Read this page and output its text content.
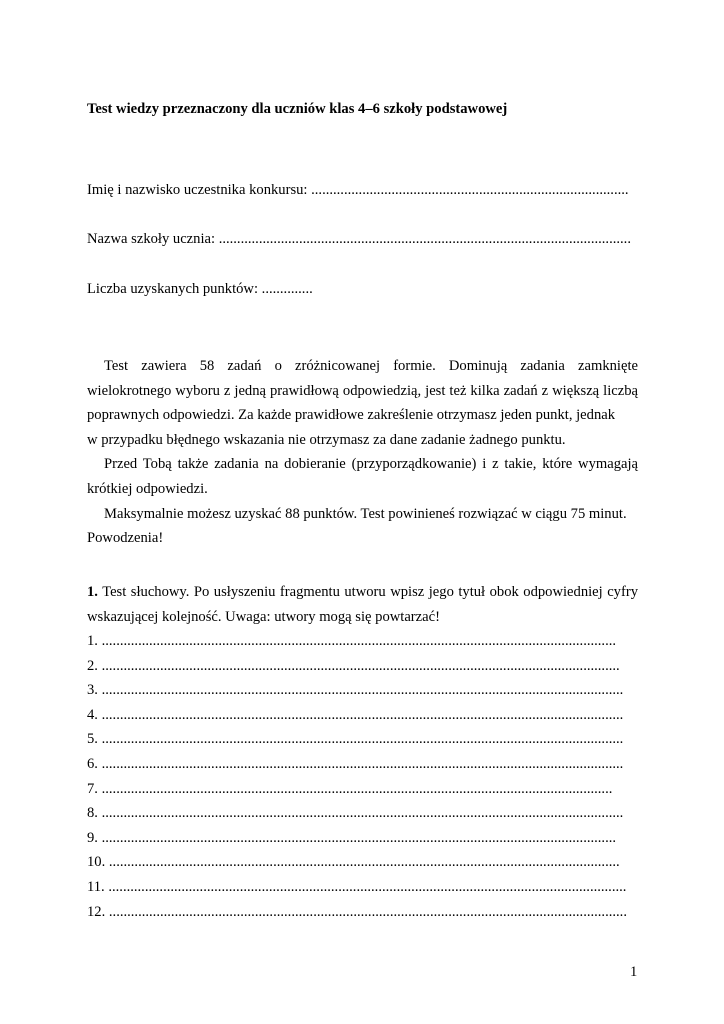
Test wiedzy przeznaczony dla uczniów klas 4–6 szkoły podstawowej
Imię i nazwisko uczestnika konkursu: .......................................................................................
Nazwa szkoły ucznia: .................................................................................................................
Liczba uzyskanych punktów: ..............

Test zawiera 58 zadań o zróżnicowanej formie. Dominują zadania zamknięte wielokrotnego wyboru z jedną prawidłową odpowiedzią, jest też kilka zadań z większą liczbą poprawnych odpowiedzi. Za każde prawidłowe zakreślenie otrzymasz jeden punkt, jednak

w przypadku błędnego wskazania nie otrzymasz za dane zadanie żadnego punktu.

Przed Tobą także zadania na dobieranie (przyporządkowanie) i z takie, które wymagają krótkiej odpowiedzi.

Maksymalnie możesz uzyskać 88 punktów. Test powinieneś rozwiązać w ciągu 75 minut.

Powodzenia!

1. Test słuchowy. Po usłyszeniu fragmentu utworu wpisz jego tytuł obok odpowiedniej cyfry wskazującej kolejność. Uwaga: utwory mogą się powtarzać!
1. .............................................................................................................................................
2. ..............................................................................................................................................
3. ...............................................................................................................................................
4. ...............................................................................................................................................
5. ...............................................................................................................................................
6. ...............................................................................................................................................
7. ............................................................................................................................................
8. ...............................................................................................................................................
9. .............................................................................................................................................
10. ............................................................................................................................................
11. ..............................................................................................................................................
12. ..............................................................................................................................................
1
